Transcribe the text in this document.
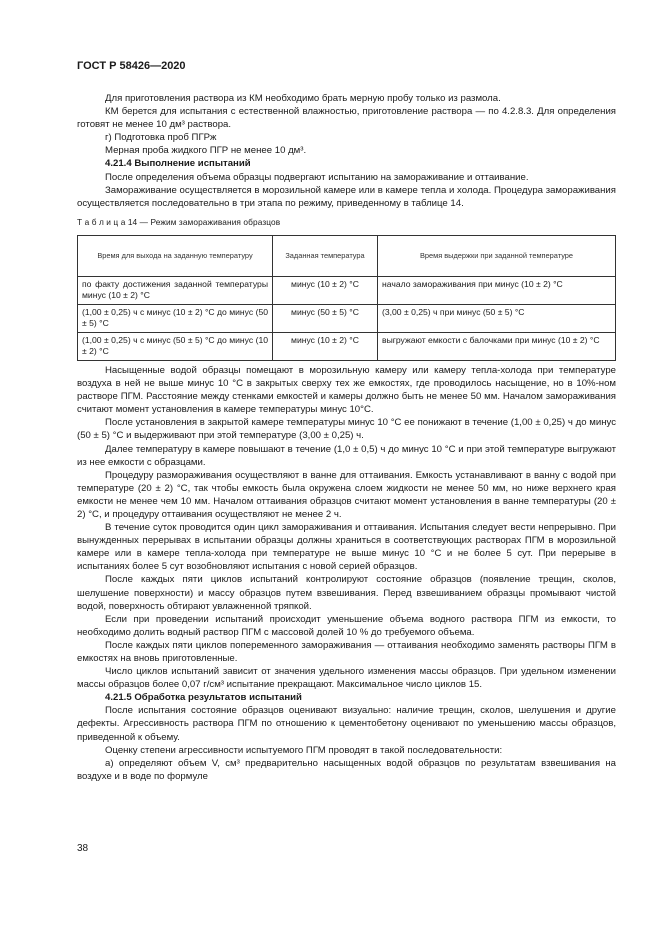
ГОСТ Р 58426—2020

Для приготовления раствора из КМ необходимо брать мерную пробу только из размола.

КМ берется для испытания с естественной влажностью, приготовление раствора — по 4.2.8.3. Для определения готовят не менее 10 дм³ раствора.

г) Подготовка проб ПГРж

Мерная проба жидкого ПГР не менее 10 дм³.

4.21.4 Выполнение испытаний

После определения объема образцы подвергают испытанию на замораживание и оттаивание.

Замораживание осуществляется в морозильной камере или в камере тепла и холода. Процедура замораживания осуществляется последовательно в три этапа по режиму, приведенному в таблице 14.

Т а б л и ц а 14 — Режим замораживания образцов

Время для выхода на заданную температуру	Заданная температура	Время выдержки при заданной температуре
по факту достижения заданной температуры минус (10 ± 2) °C	минус (10 ± 2) °C	начало замораживания при минус (10 ± 2) °C
(1,00 ± 0,25) ч с минус (10 ± 2) °C до минус (50 ± 5) °C	минус (50 ± 5) °C	(3,00 ± 0,25) ч при минус (50 ± 5) °C
(1,00 ± 0,25) ч с минус (50 ± 5) °C до минус (10 ± 2) °C	минус (10 ± 2) °C	выгружают емкости с балочками при минус (10 ± 2) °C

Насыщенные водой образцы помещают в морозильную камеру или камеру тепла-холода при температуре воздуха в ней не выше минус 10 °C в закрытых сверху тех же емкостях, где проводилось насыщение, но в 10%-ном растворе ПГМ. Расстояние между стенками емкостей и камеры должно быть не менее 50 мм. Началом замораживания считают момент установления в камере температуры минус 10°C.

После установления в закрытой камере температуры минус 10 °C ее понижают в течение (1,00 ± 0,25) ч до минус (50 ± 5) °C и выдерживают при этой температуре (3,00 ± 0,25) ч.

Далее температуру в камере повышают в течение (1,0 ± 0,5) ч до минус 10 °C и при этой температуре выгружают из нее емкости с образцами.

Процедуру размораживания осуществляют в ванне для оттаивания. Емкость устанавливают в ванну с водой при температуре (20 ± 2) °C, так чтобы емкость была окружена слоем жидкости не менее 50 мм, но ниже верхнего края емкости не менее чем 10 мм. Началом оттаивания образцов считают момент установления в ванне температуры (20 ± 2) °C, и процедуру оттаивания осуществляют не менее 2 ч.

В течение суток проводится один цикл замораживания и оттаивания. Испытания следует вести непрерывно. При вынужденных перерывах в испытании образцы должны храниться в соответствующих растворах ПГМ в морозильной камере или в камере тепла-холода при температуре не выше минус 10 °C и не более 5 сут. При перерыве в испытаниях более 5 сут возобновляют испытания с новой серией образцов.

После каждых пяти циклов испытаний контролируют состояние образцов (появление трещин, сколов, шелушение поверхности) и массу образцов путем взвешивания. Перед взвешиванием образцы промывают чистой водой, поверхность обтирают увлажненной тряпкой.

Если при проведении испытаний происходит уменьшение объема водного раствора ПГМ из емкости, то необходимо долить водный раствор ПГМ с массовой долей 10 % до требуемого объема.

После каждых пяти циклов попеременного замораживания — оттаивания необходимо заменять растворы ПГМ в емкостях на вновь приготовленные.

Число циклов испытаний зависит от значения удельного изменения массы образцов. При удельном изменении массы образцов более 0,07 г/см³ испытание прекращают. Максимальное число циклов 15.

4.21.5 Обработка результатов испытаний

После испытания состояние образцов оценивают визуально: наличие трещин, сколов, шелушения и другие дефекты. Агрессивность раствора ПГМ по отношению к цементобетону оценивают по уменьшению массы образцов, приведенной к объему.

Оценку степени агрессивности испытуемого ПГМ проводят в такой последовательности:

а) определяют объем V, см³ предварительно насыщенных водой образцов по результатам взвешивания на воздухе и в воде по формуле

38
